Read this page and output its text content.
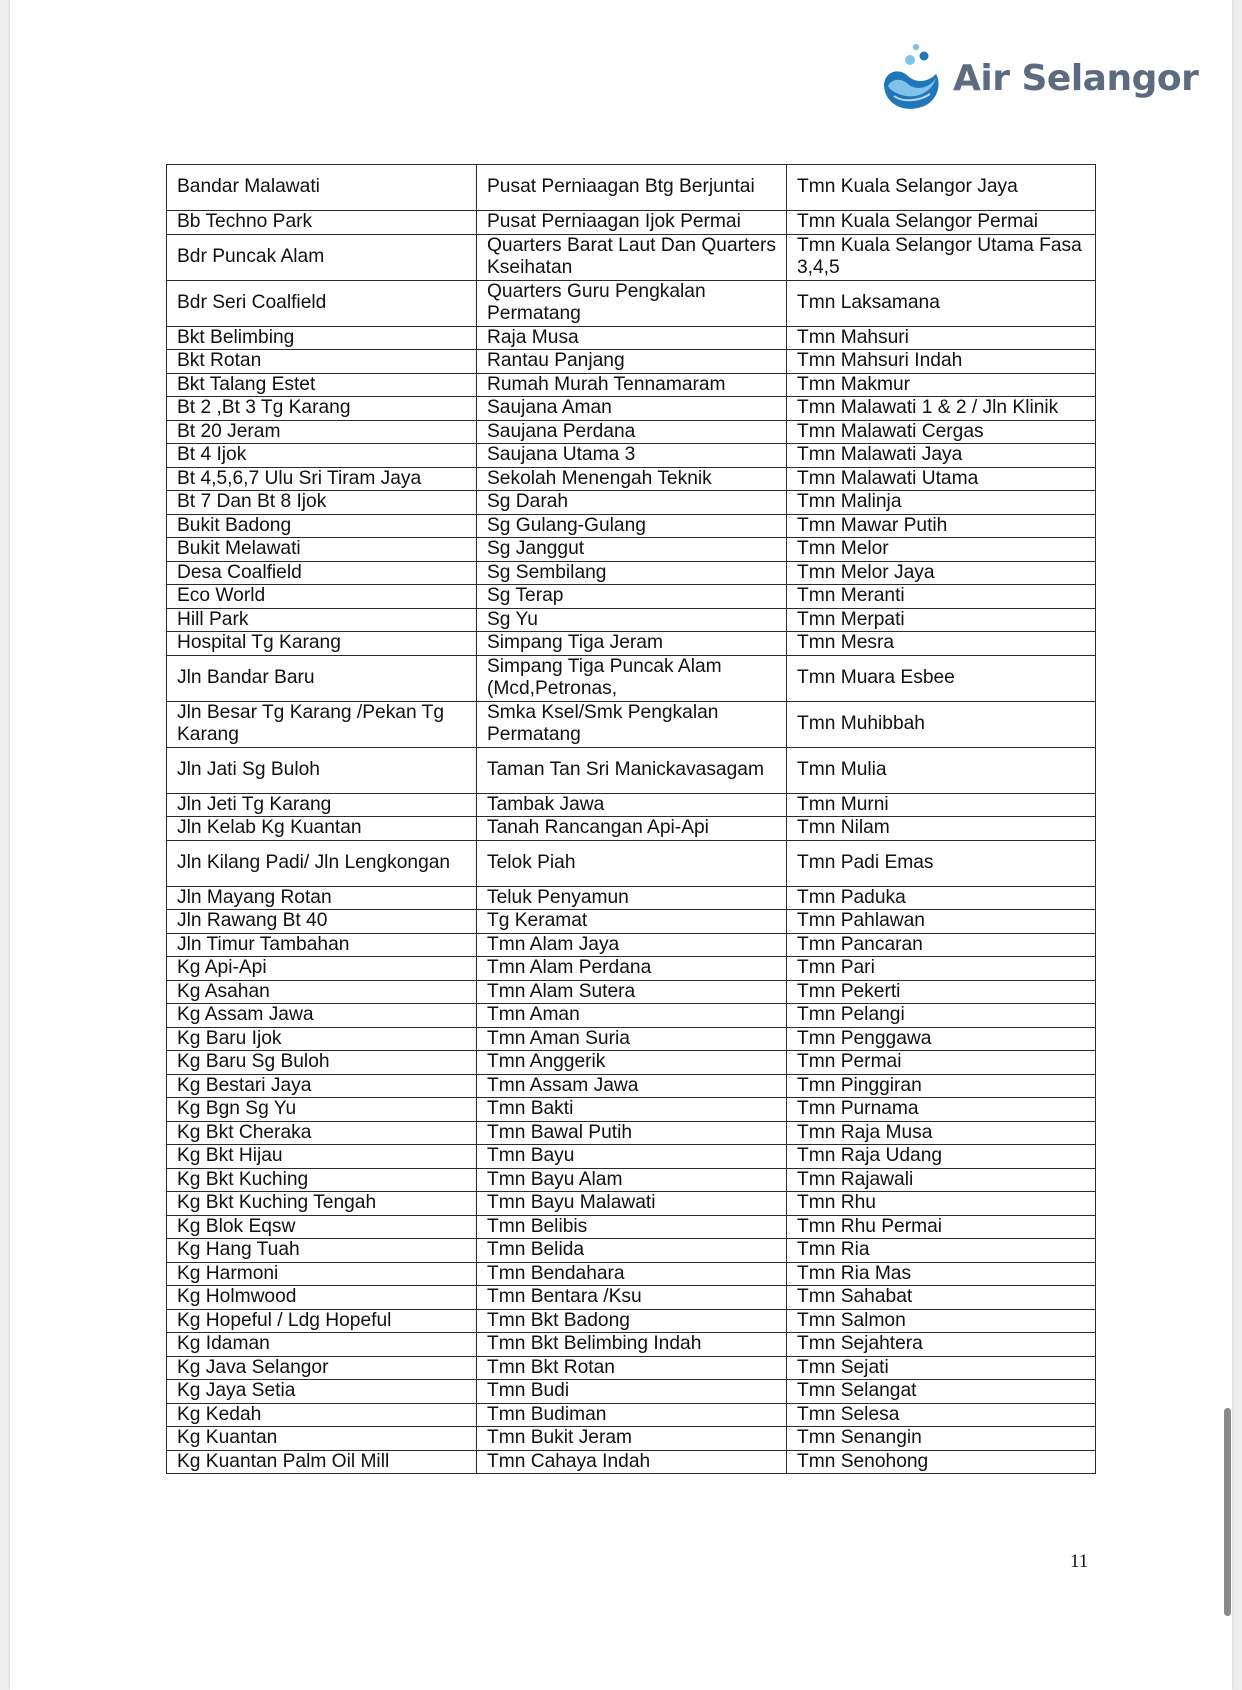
Air Selangor
Bandar Malawati	Pusat Perniaagan Btg Berjuntai	Tmn Kuala Selangor Jaya
Bb Techno Park	Pusat Perniaagan Ijok Permai	Tmn Kuala Selangor Permai
Bdr Puncak Alam	Quarters Barat Laut Dan Quarters Kseihatan	Tmn Kuala Selangor Utama Fasa 3,4,5
Bdr Seri Coalfield	Quarters Guru Pengkalan Permatang	Tmn Laksamana
Bkt Belimbing	Raja Musa	Tmn Mahsuri
Bkt Rotan	Rantau Panjang	Tmn Mahsuri Indah
Bkt Talang Estet	Rumah Murah Tennamaram	Tmn Makmur
Bt 2 ,Bt 3 Tg Karang	Saujana Aman	Tmn Malawati 1 & 2 / Jln Klinik
Bt 20 Jeram	Saujana Perdana	Tmn Malawati Cergas
Bt 4 Ijok	Saujana Utama 3	Tmn Malawati Jaya
Bt 4,5,6,7 Ulu Sri Tiram Jaya	Sekolah Menengah Teknik	Tmn Malawati Utama
Bt 7 Dan Bt 8 Ijok	Sg Darah	Tmn Malinja
Bukit Badong	Sg Gulang-Gulang	Tmn Mawar Putih
Bukit Melawati	Sg Janggut	Tmn Melor
Desa Coalfield	Sg Sembilang	Tmn Melor Jaya
Eco World	Sg Terap	Tmn Meranti
Hill Park	Sg Yu	Tmn Merpati
Hospital Tg Karang	Simpang Tiga Jeram	Tmn Mesra
Jln Bandar Baru	Simpang Tiga Puncak Alam (Mcd,Petronas,	Tmn Muara Esbee
Jln Besar Tg Karang /Pekan Tg Karang	Smka Ksel/Smk Pengkalan Permatang	Tmn Muhibbah
Jln Jati Sg Buloh	Taman Tan Sri Manickavasagam	Tmn Mulia
Jln Jeti Tg Karang	Tambak Jawa	Tmn Murni
Jln Kelab Kg Kuantan	Tanah Rancangan Api-Api	Tmn Nilam
Jln Kilang Padi/ Jln Lengkongan	Telok Piah	Tmn Padi Emas
Jln Mayang Rotan	Teluk Penyamun	Tmn Paduka
Jln Rawang Bt 40	Tg Keramat	Tmn Pahlawan
Jln Timur Tambahan	Tmn Alam Jaya	Tmn Pancaran
Kg Api-Api	Tmn Alam Perdana	Tmn Pari
Kg Asahan	Tmn Alam Sutera	Tmn Pekerti
Kg Assam Jawa	Tmn Aman	Tmn Pelangi
Kg Baru Ijok	Tmn Aman Suria	Tmn Penggawa
Kg Baru Sg Buloh	Tmn Anggerik	Tmn Permai
Kg Bestari Jaya	Tmn Assam Jawa	Tmn Pinggiran
Kg Bgn Sg Yu	Tmn Bakti	Tmn Purnama
Kg Bkt Cheraka	Tmn Bawal Putih	Tmn Raja Musa
Kg Bkt Hijau	Tmn Bayu	Tmn Raja Udang
Kg Bkt Kuching	Tmn Bayu Alam	Tmn Rajawali
Kg Bkt Kuching Tengah	Tmn Bayu Malawati	Tmn Rhu
Kg Blok Eqsw	Tmn Belibis	Tmn Rhu Permai
Kg Hang Tuah	Tmn Belida	Tmn Ria
Kg Harmoni	Tmn Bendahara	Tmn Ria Mas
Kg Holmwood	Tmn Bentara /Ksu	Tmn Sahabat
Kg Hopeful / Ldg Hopeful	Tmn Bkt Badong	Tmn Salmon
Kg Idaman	Tmn Bkt Belimbing Indah	Tmn Sejahtera
Kg Java Selangor	Tmn Bkt Rotan	Tmn Sejati
Kg Jaya Setia	Tmn Budi	Tmn Selangat
Kg Kedah	Tmn Budiman	Tmn Selesa
Kg Kuantan	Tmn Bukit Jeram	Tmn Senangin
Kg Kuantan Palm Oil Mill	Tmn Cahaya Indah	Tmn Senohong
11
